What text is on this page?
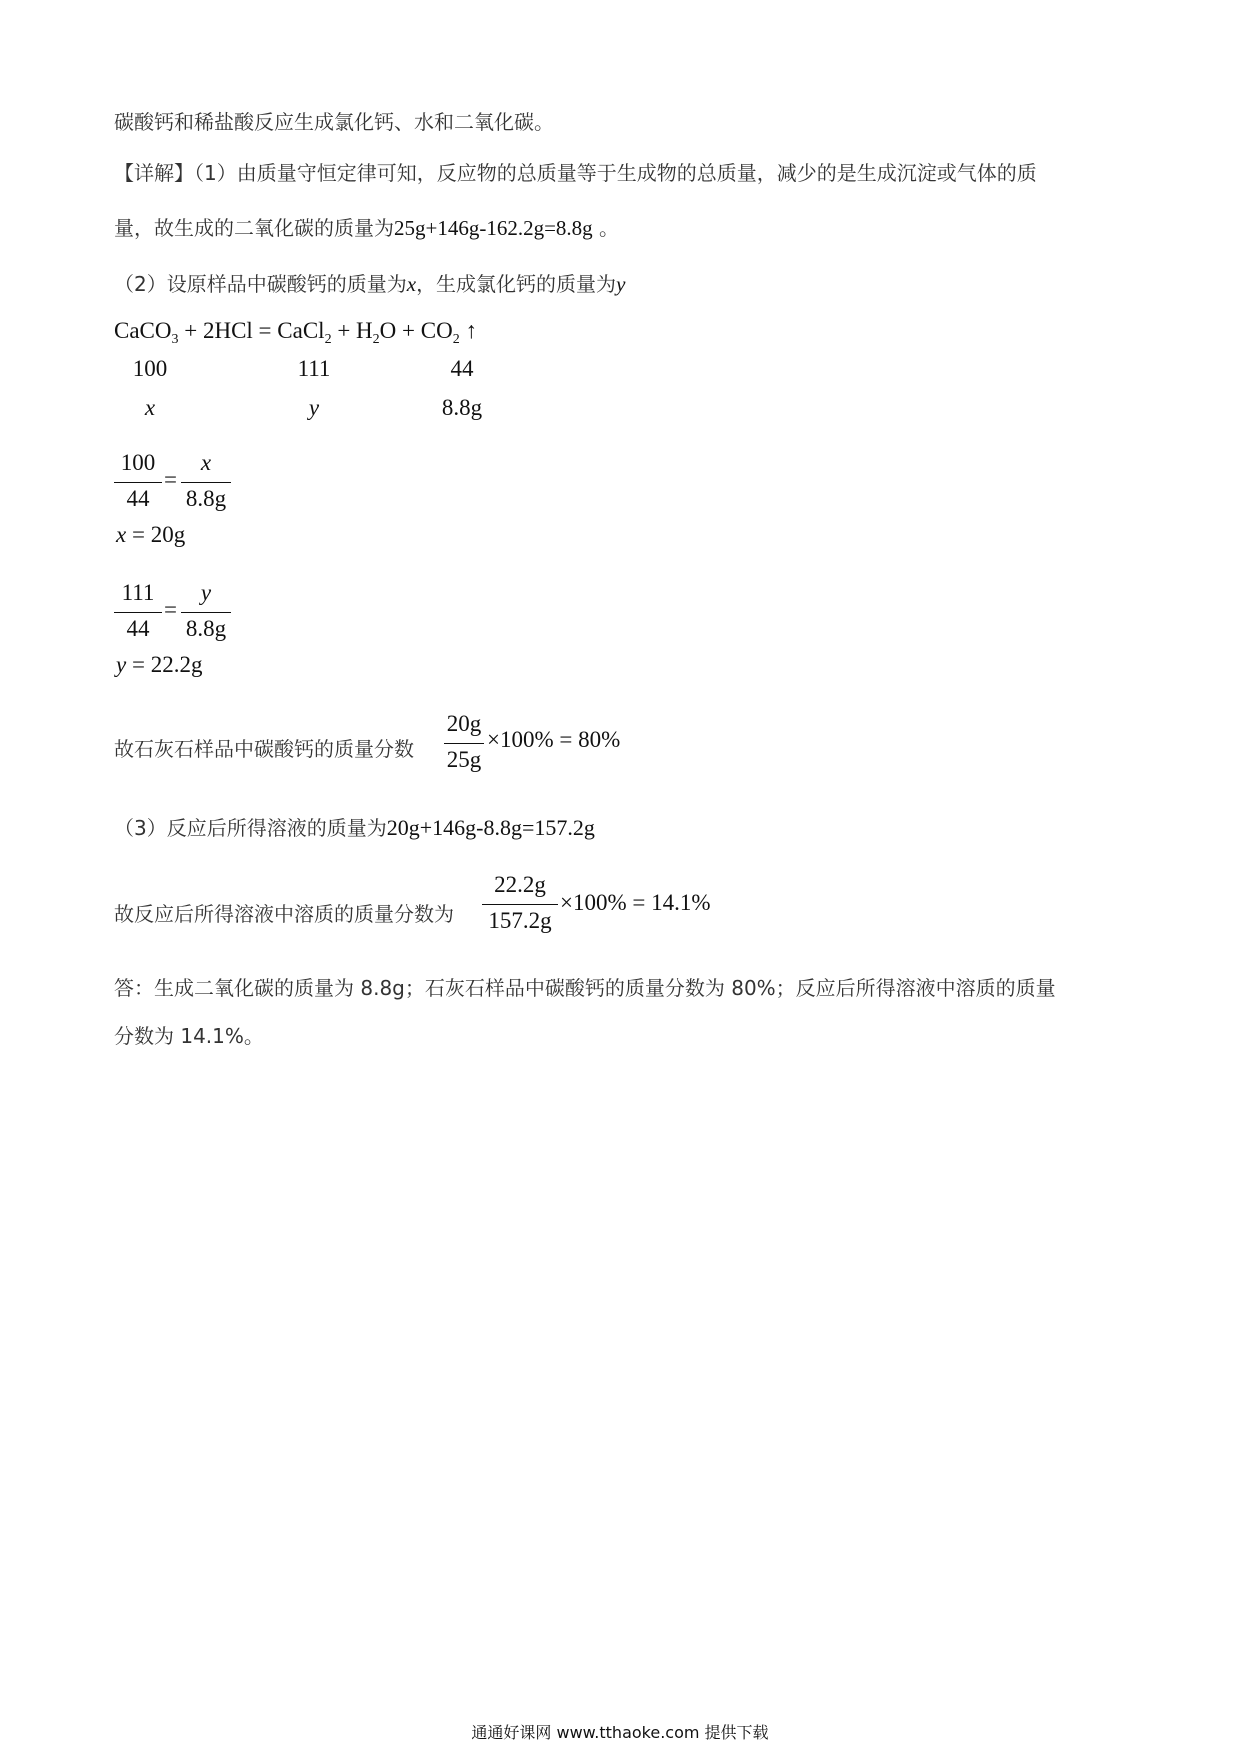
碳酸钙和稀盐酸反应生成氯化钙、水和二氧化碳。
【详解】（1）由质量守恒定律可知，反应物的总质量等于生成物的总质量，减少的是生成沉淀或气体的质
量，故生成的二氧化碳的质量为25g+146g-162.2g=8.8g 。
（2）设原样品中碳酸钙的质量为x，生成氯化钙的质量为y
CaCO$_3$ + 2HCl = CaCl$_2$ + $H_2O + CO_2$ ↑
100	111	44
x	y	8.8g
100
44
=
x
8.8g
x = 20g
111
44
=
y
8.8g
y = 22.2g
故石灰石样品中碳酸钙的质量分数
20g
25g
×100% = 80%
（3）反应后所得溶液的质量为20g+146g-8.8g=157.2g
故反应后所得溶液中溶质的质量分数为
22.2g
157.2g
×100% = 14.1%
答：生成二氧化碳的质量为 8.8g；石灰石样品中碳酸钙的质量分数为 80%；反应后所得溶液中溶质的质量
分数为 14.1%。
通通好课网 www.tthaoke.com 提供下载
